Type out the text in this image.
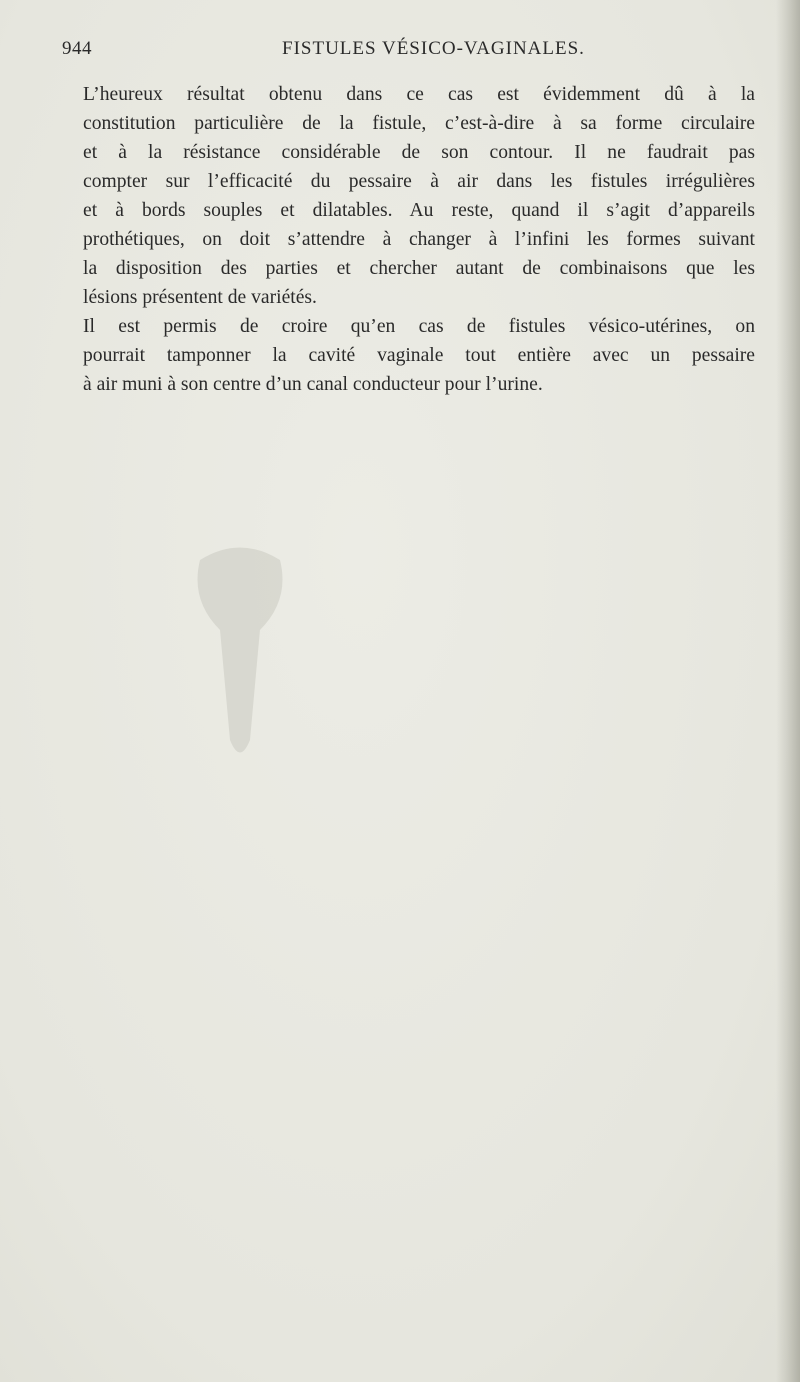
944	FISTULES VÉSICO-VAGINALES.

L’heureux résultat obtenu dans ce cas est évidemment dû à la
constitution particulière de la fistule, c’est-à-dire à sa forme circulaire
et à la résistance considérable de son contour. Il ne faudrait pas
compter sur l’efficacité du pessaire à air dans les fistules irrégulières
et à bords souples et dilatables. Au reste, quand il s’agit d’appareils
prothétiques, on doit s’attendre à changer à l’infini les formes suivant
la disposition des parties et chercher autant de combinaisons que les
lésions présentent de variétés.

Il est permis de croire qu’en cas de fistules vésico-utérines, on
pourrait tamponner la cavité vaginale tout entière avec un pessaire
à air muni à son centre d’un canal conducteur pour l’urine.
